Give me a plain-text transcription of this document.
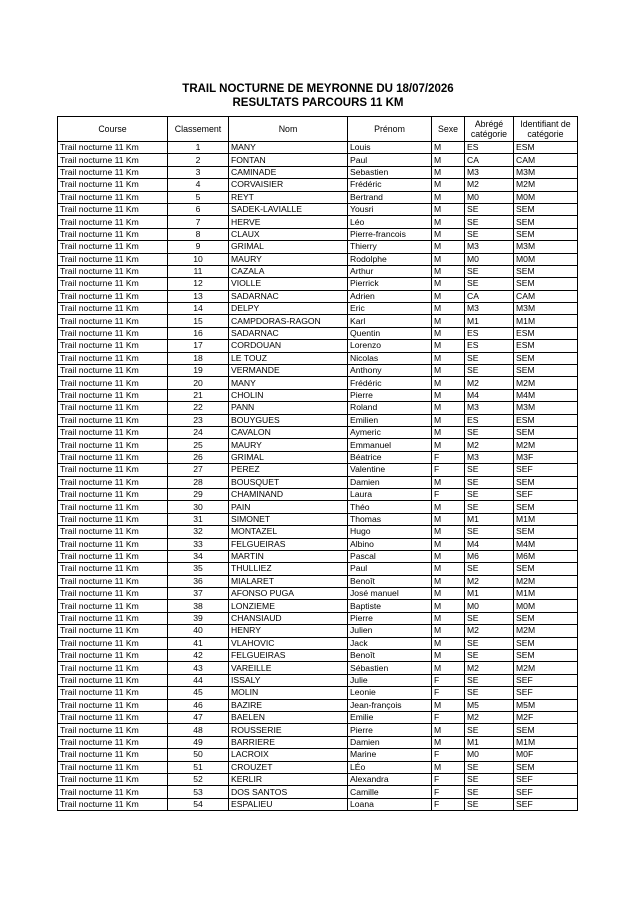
TRAIL NOCTURNE DE MEYRONNE DU 18/07/2026
RESULTATS PARCOURS 11 KM
Course	Classement	Nom	Prénom	Sexe	Abrégé catégorie	Identifiant de catégorie
Trail nocturne 11 Km	1	MANY	Louis	M	ES	ESM
Trail nocturne 11 Km	2	FONTAN	Paul	M	CA	CAM
Trail nocturne 11 Km	3	CAMINADE	Sebastien	M	M3	M3M
Trail nocturne 11 Km	4	CORVAISIER	Frédéric	M	M2	M2M
Trail nocturne 11 Km	5	REYT	Bertrand	M	M0	M0M
Trail nocturne 11 Km	6	SADEK-LAVIALLE	Yousri	M	SE	SEM
Trail nocturne 11 Km	7	HERVE	Léo	M	SE	SEM
Trail nocturne 11 Km	8	CLAUX	Pierre-francois	M	SE	SEM
Trail nocturne 11 Km	9	GRIMAL	Thierry	M	M3	M3M
Trail nocturne 11 Km	10	MAURY	Rodolphe	M	M0	M0M
Trail nocturne 11 Km	11	CAZALA	Arthur	M	SE	SEM
Trail nocturne 11 Km	12	VIOLLE	Pierrick	M	SE	SEM
Trail nocturne 11 Km	13	SADARNAC	Adrien	M	CA	CAM
Trail nocturne 11 Km	14	DELPY	Eric	M	M3	M3M
Trail nocturne 11 Km	15	CAMPDORAS-RAGON	Karl	M	M1	M1M
Trail nocturne 11 Km	16	SADARNAC	Quentin	M	ES	ESM
Trail nocturne 11 Km	17	CORDOUAN	Lorenzo	M	ES	ESM
Trail nocturne 11 Km	18	LE TOUZ	Nicolas	M	SE	SEM
Trail nocturne 11 Km	19	VERMANDE	Anthony	M	SE	SEM
Trail nocturne 11 Km	20	MANY	Frédéric	M	M2	M2M
Trail nocturne 11 Km	21	CHOLIN	Pierre	M	M4	M4M
Trail nocturne 11 Km	22	PANN	Roland	M	M3	M3M
Trail nocturne 11 Km	23	BOUYGUES	Emilien	M	ES	ESM
Trail nocturne 11 Km	24	CAVALON	Aymeric	M	SE	SEM
Trail nocturne 11 Km	25	MAURY	Emmanuel	M	M2	M2M
Trail nocturne 11 Km	26	GRIMAL	Béatrice	F	M3	M3F
Trail nocturne 11 Km	27	PEREZ	Valentine	F	SE	SEF
Trail nocturne 11 Km	28	BOUSQUET	Damien	M	SE	SEM
Trail nocturne 11 Km	29	CHAMINAND	Laura	F	SE	SEF
Trail nocturne 11 Km	30	PAIN	Théo	M	SE	SEM
Trail nocturne 11 Km	31	SIMONET	Thomas	M	M1	M1M
Trail nocturne 11 Km	32	MONTAZEL	Hugo	M	SE	SEM
Trail nocturne 11 Km	33	FELGUEIRAS	Albino	M	M4	M4M
Trail nocturne 11 Km	34	MARTIN	Pascal	M	M6	M6M
Trail nocturne 11 Km	35	THULLIEZ	Paul	M	SE	SEM
Trail nocturne 11 Km	36	MIALARET	Benoît	M	M2	M2M
Trail nocturne 11 Km	37	AFONSO PUGA	José manuel	M	M1	M1M
Trail nocturne 11 Km	38	LONZIEME	Baptiste	M	M0	M0M
Trail nocturne 11 Km	39	CHANSIAUD	Pierre	M	SE	SEM
Trail nocturne 11 Km	40	HENRY	Julien	M	M2	M2M
Trail nocturne 11 Km	41	VLAHOVIC	Jack	M	SE	SEM
Trail nocturne 11 Km	42	FELGUEIRAS	Benoît	M	SE	SEM
Trail nocturne 11 Km	43	VAREILLE	Sébastien	M	M2	M2M
Trail nocturne 11 Km	44	ISSALY	Julie	F	SE	SEF
Trail nocturne 11 Km	45	MOLIN	Leonie	F	SE	SEF
Trail nocturne 11 Km	46	BAZIRE	Jean-françois	M	M5	M5M
Trail nocturne 11 Km	47	BAELEN	Emilie	F	M2	M2F
Trail nocturne 11 Km	48	ROUSSERIE	Pierre	M	SE	SEM
Trail nocturne 11 Km	49	BARRIERE	Damien	M	M1	M1M
Trail nocturne 11 Km	50	LACROIX	Marine	F	M0	M0F
Trail nocturne 11 Km	51	CROUZET	LÉo	M	SE	SEM
Trail nocturne 11 Km	52	KERLIR	Alexandra	F	SE	SEF
Trail nocturne 11 Km	53	DOS SANTOS	Camille	F	SE	SEF
Trail nocturne 11 Km	54	ESPALIEU	Loana	F	SE	SEF
